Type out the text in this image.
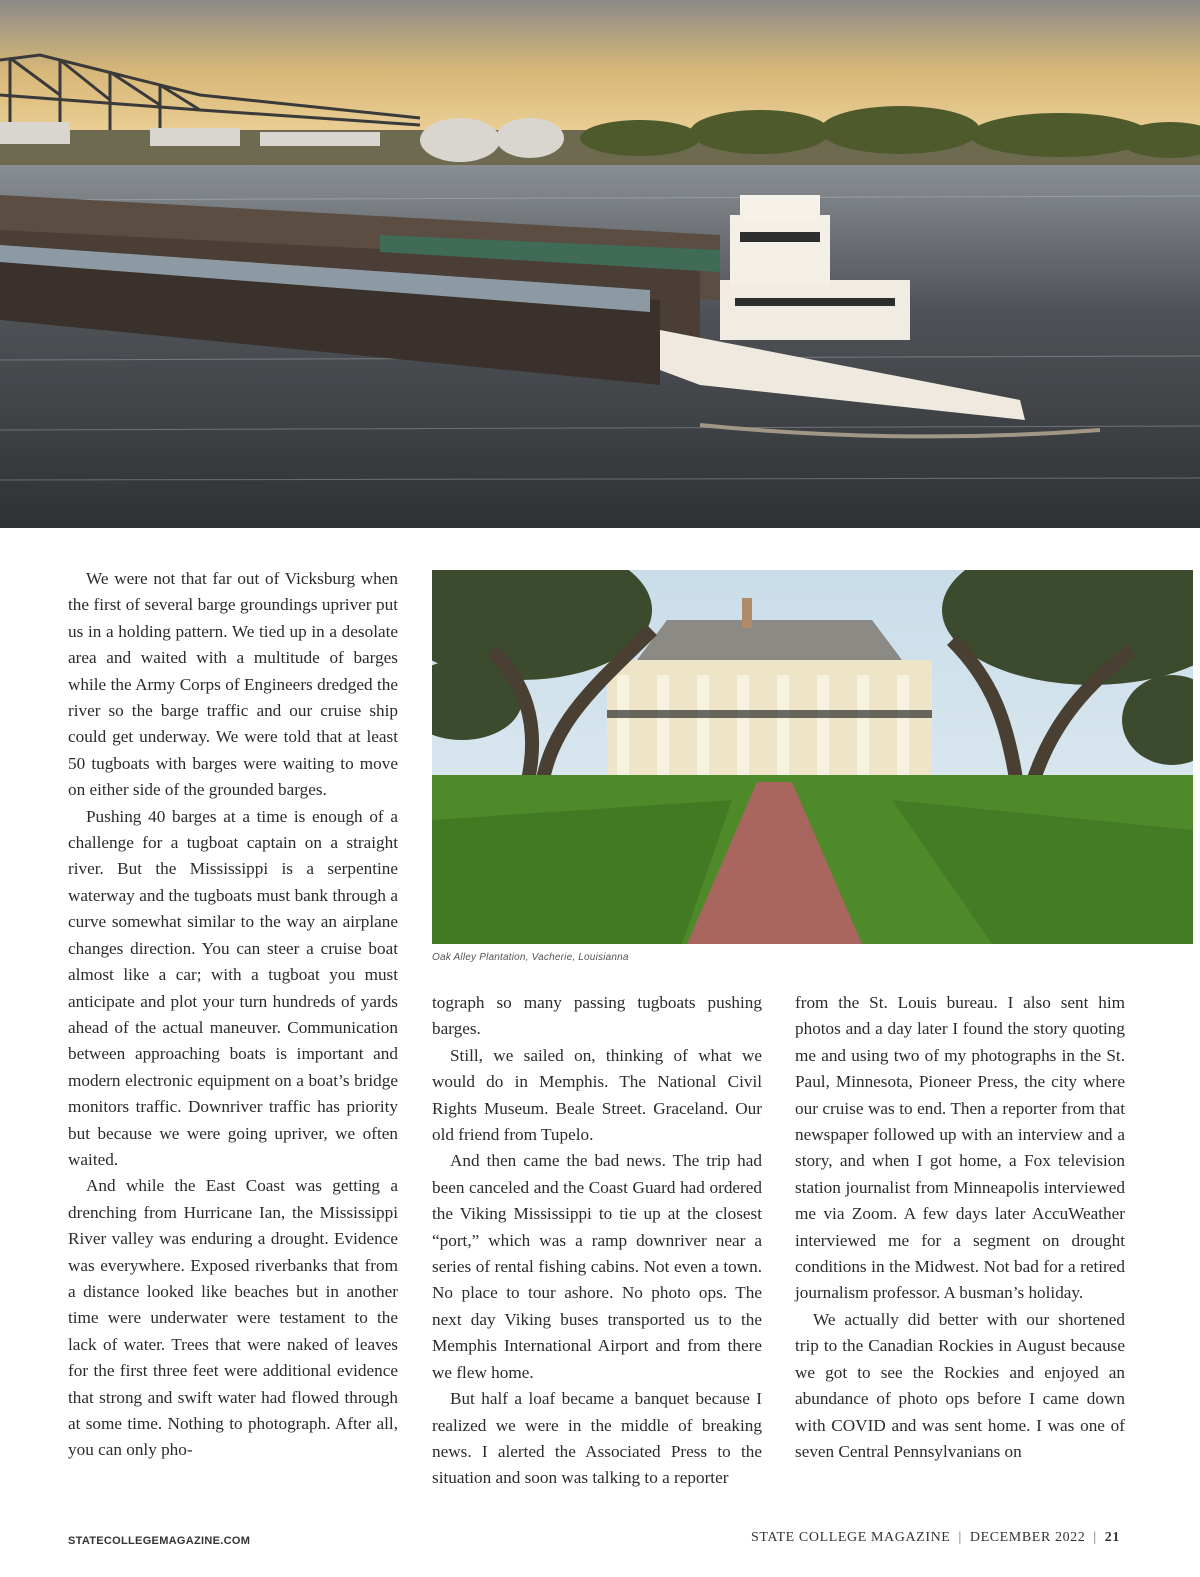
Oak Alley Plantation, Vacherie, Louisianna

We were not that far out of Vicksburg when the first of several barge groundings upriver put us in a holding pattern. We tied up in a desolate area and waited with a multitude of barges while the Army Corps of Engineers dredged the river so the barge traffic and our cruise ship could get underway. We were told that at least 50 tugboats with barges were waiting to move on either side of the grounded barges.

Pushing 40 barges at a time is enough of a challenge for a tugboat captain on a straight river. But the Mississippi is a serpentine waterway and the tugboats must bank through a curve somewhat similar to the way an airplane changes direction. You can steer a cruise boat almost like a car; with a tugboat you must anticipate and plot your turn hundreds of yards ahead of the actual maneuver. Communication between approaching boats is important and modern electronic equipment on a boat’s bridge monitors traffic. Downriver traffic has priority but because we were going upriver, we often waited.

And while the East Coast was getting a drenching from Hurricane Ian, the Mississippi River valley was enduring a drought. Evidence was everywhere. Exposed riverbanks that from a distance looked like beaches but in another time were underwater were testament to the lack of water. Trees that were naked of leaves for the first three feet were additional evidence that strong and swift water had flowed through at some time. Nothing to photograph. After all, you can only pho-

tograph so many passing tugboats pushing barges.

Still, we sailed on, thinking of what we would do in Memphis. The National Civil Rights Museum. Beale Street. Graceland. Our old friend from Tupelo.

And then came the bad news. The trip had been canceled and the Coast Guard had ordered the Viking Mississippi to tie up at the closest “port,” which was a ramp downriver near a series of rental fishing cabins. Not even a town. No place to tour ashore. No photo ops. The next day Viking buses transported us to the Memphis International Airport and from there we flew home.

But half a loaf became a banquet because I realized we were in the middle of breaking news. I alerted the Associated Press to the situation and soon was talking to a reporter

from the St. Louis bureau. I also sent him photos and a day later I found the story quoting me and using two of my photographs in the St. Paul, Minnesota, Pioneer Press, the city where our cruise was to end. Then a reporter from that newspaper followed up with an interview and a story, and when I got home, a Fox television station journalist from Minneapolis interviewed me via Zoom. A few days later AccuWeather interviewed me for a segment on drought conditions in the Midwest. Not bad for a retired journalism professor. A busman’s holiday.

We actually did better with our shortened trip to the Canadian Rockies in August because we got to see the Rockies and enjoyed an abundance of photo ops before I came down with COVID and was sent home. I was one of seven Central Pennsylvanians on

STATECOLLEGEMAGAZINE.COM	STATE COLLEGE MAGAZINE | DECEMBER 2022 | 21
